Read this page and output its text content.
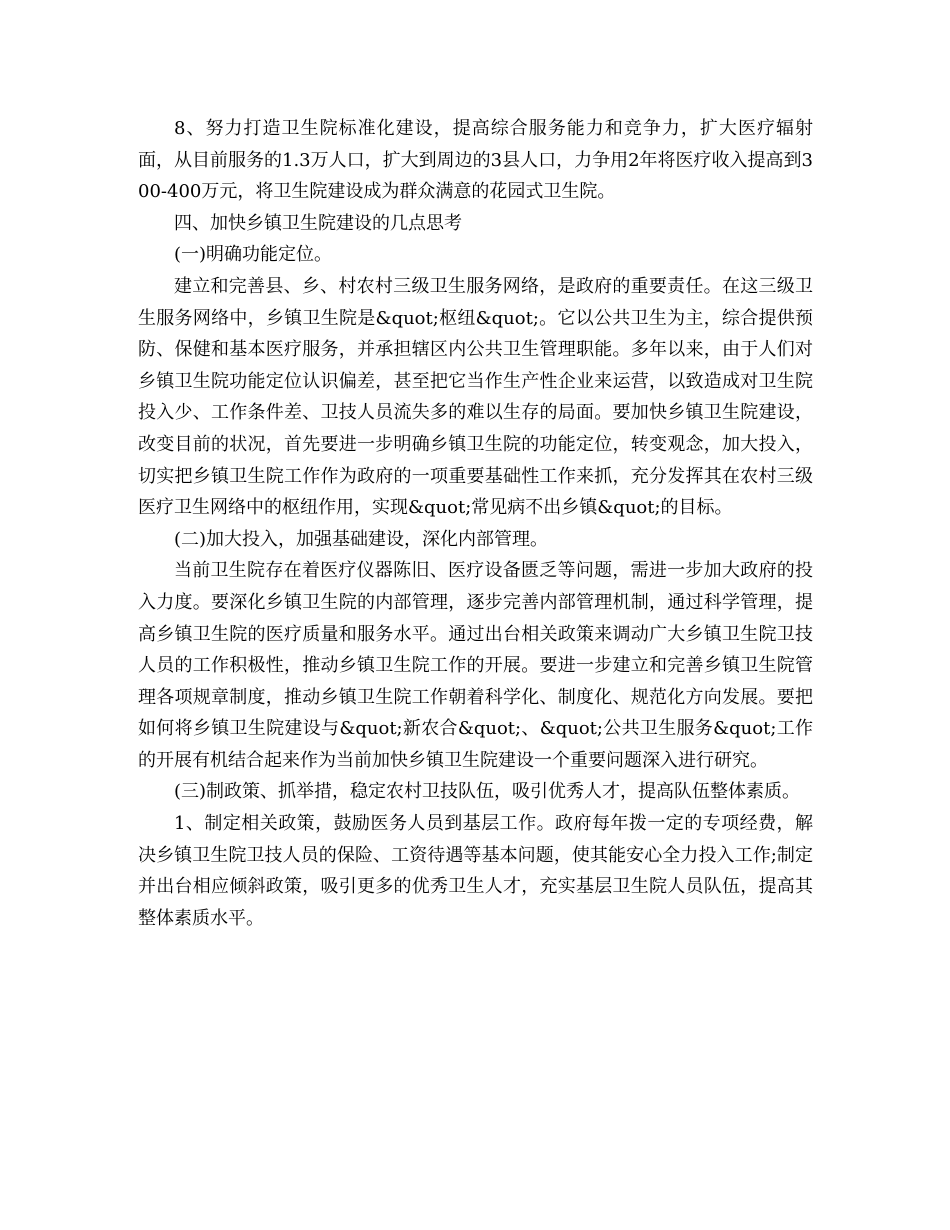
8、努力打造卫生院标准化建设，提高综合服务能力和竞争力，扩大医疗辐射面，从目前服务的1.3万人口，扩大到周边的3县人口，力争用2年将医疗收入提高到300-400万元，将卫生院建设成为群众满意的花园式卫生院。

四、加快乡镇卫生院建设的几点思考

(一)明确功能定位。

建立和完善县、乡、村农村三级卫生服务网络，是政府的重要责任。在这三级卫生服务网络中，乡镇卫生院是&quot;枢纽&quot;。它以公共卫生为主，综合提供预防、保健和基本医疗服务，并承担辖区内公共卫生管理职能。多年以来，由于人们对乡镇卫生院功能定位认识偏差，甚至把它当作生产性企业来运营，以致造成对卫生院投入少、工作条件差、卫技人员流失多的难以生存的局面。要加快乡镇卫生院建设，改变目前的状况，首先要进一步明确乡镇卫生院的功能定位，转变观念，加大投入，切实把乡镇卫生院工作作为政府的一项重要基础性工作来抓，充分发挥其在农村三级医疗卫生网络中的枢纽作用，实现&quot;常见病不出乡镇&quot;的目标。

(二)加大投入，加强基础建设，深化内部管理。

当前卫生院存在着医疗仪器陈旧、医疗设备匮乏等问题，需进一步加大政府的投入力度。要深化乡镇卫生院的内部管理，逐步完善内部管理机制，通过科学管理，提高乡镇卫生院的医疗质量和服务水平。通过出台相关政策来调动广大乡镇卫生院卫技人员的工作积极性，推动乡镇卫生院工作的开展。要进一步建立和完善乡镇卫生院管理各项规章制度，推动乡镇卫生院工作朝着科学化、制度化、规范化方向发展。要把如何将乡镇卫生院建设与&quot;新农合&quot;、&quot;公共卫生服务&quot;工作的开展有机结合起来作为当前加快乡镇卫生院建设一个重要问题深入进行研究。

(三)制政策、抓举措，稳定农村卫技队伍，吸引优秀人才，提高队伍整体素质。

1、制定相关政策，鼓励医务人员到基层工作。政府每年拨一定的专项经费，解决乡镇卫生院卫技人员的保险、工资待遇等基本问题，使其能安心全力投入工作;制定并出台相应倾斜政策，吸引更多的优秀卫生人才，充实基层卫生院人员队伍，提高其整体素质水平。
